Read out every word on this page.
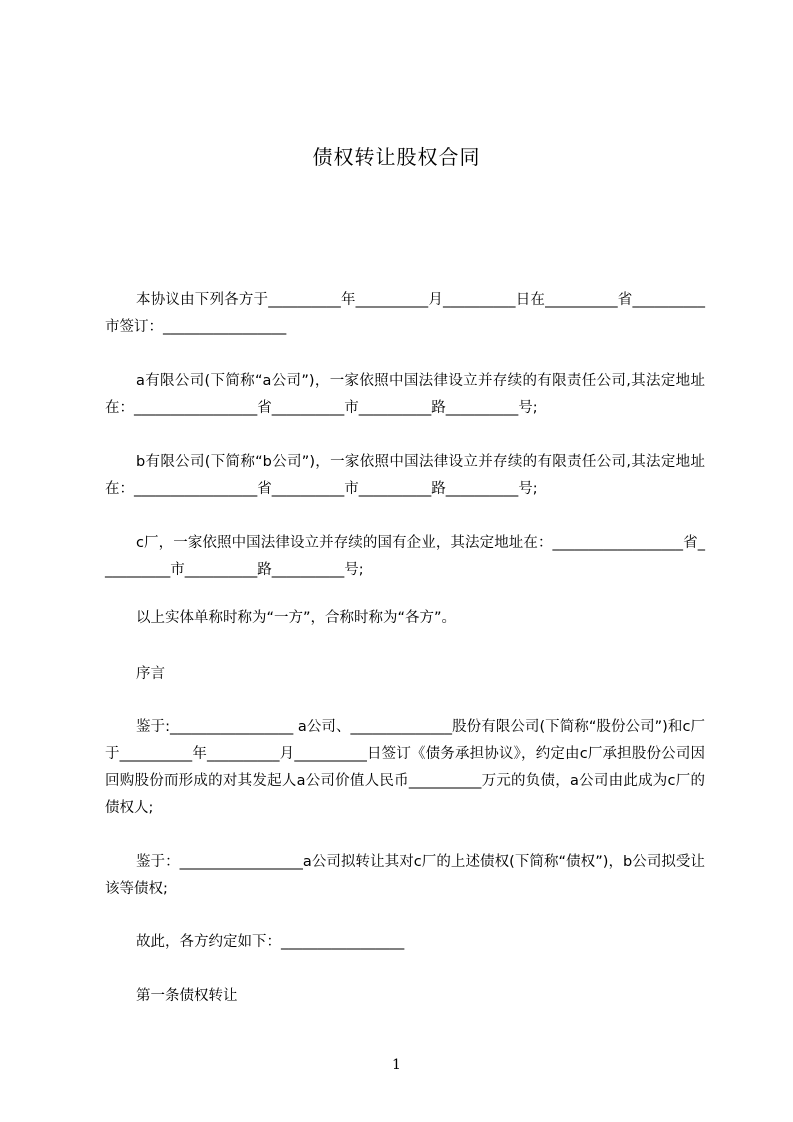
债权转让股权合同
本协议由下列各方于__________年__________月__________日在__________省__________市签订：_________________
a有限公司(下简称“a公司”)，一家依照中国法律设立并存续的有限责任公司,其法定地址在：_________________省__________市__________路__________号;
b有限公司(下简称“b公司”)，一家依照中国法律设立并存续的有限责任公司,其法定地址在：_________________省__________市__________路__________号;
c厂，一家依照中国法律设立并存续的国有企业，其法定地址在：__________________省__________市__________路__________号;
以上实体单称时称为“一方”，合称时称为“各方”。
序言
鉴于:_________________ a公司、______________股份有限公司(下简称“股份公司”)和c厂于__________年__________月__________日签订《债务承担协议》，约定由c厂承担股份公司因回购股份而形成的对其发起人a公司价值人民币__________万元的负债，a公司由此成为c厂的债权人;
鉴于：_________________a公司拟转让其对c厂的上述债权(下简称“债权”)，b公司拟受让该等债权;
故此，各方约定如下：_________________
第一条债权转让
1
